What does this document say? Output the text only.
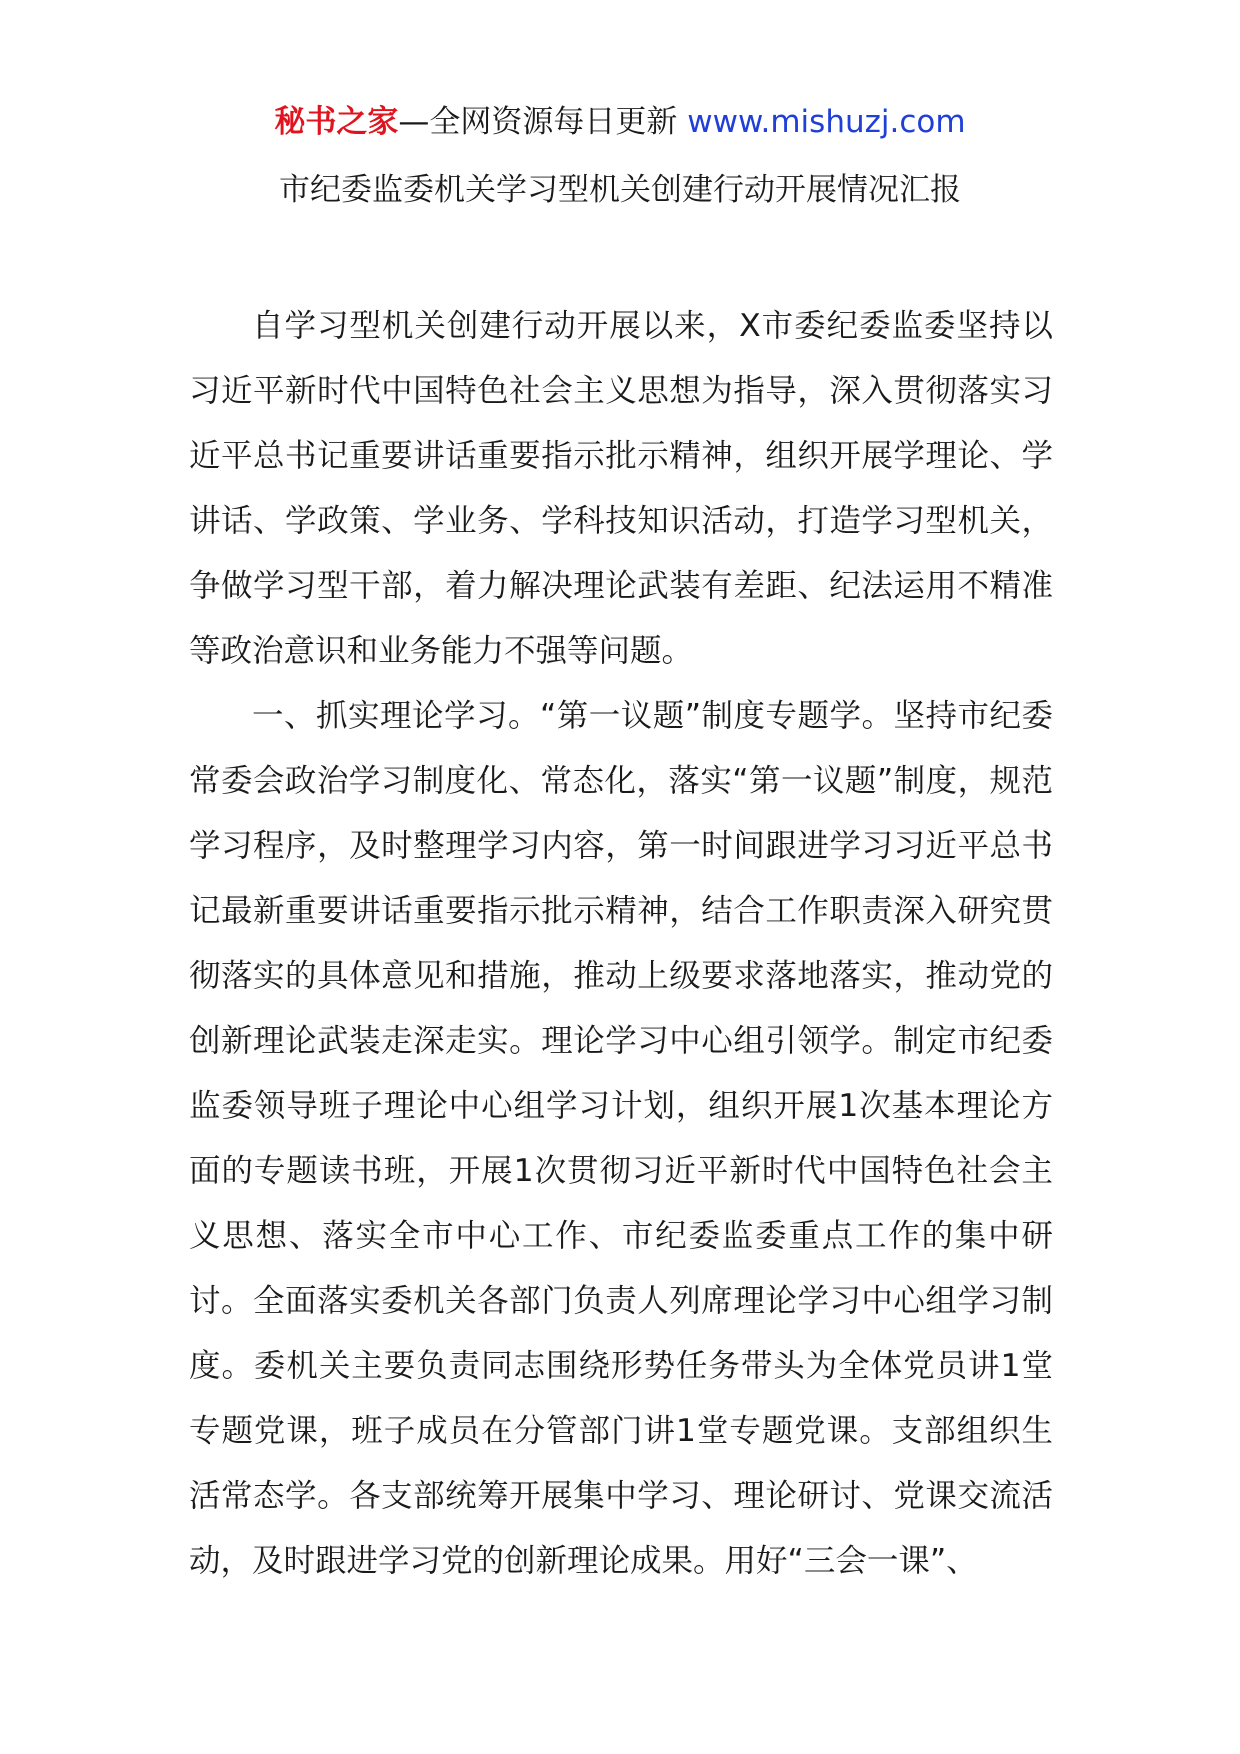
秘书之家—全网资源每日更新 www.mishuzj.com
市纪委监委机关学习型机关创建行动开展情况汇报

自学习型机关创建行动开展以来，X市委纪委监委坚持以习近平新时代中国特色社会主义思想为指导，深入贯彻落实习近平总书记重要讲话重要指示批示精神，组织开展学理论、学讲话、学政策、学业务、学科技知识活动，打造学习型机关，争做学习型干部，着力解决理论武装有差距、纪法运用不精准等政治意识和业务能力不强等问题。

一、抓实理论学习。“第一议题”制度专题学。坚持市纪委常委会政治学习制度化、常态化，落实“第一议题”制度，规范学习程序，及时整理学习内容，第一时间跟进学习习近平总书记最新重要讲话重要指示批示精神，结合工作职责深入研究贯彻落实的具体意见和措施，推动上级要求落地落实，推动党的创新理论武装走深走实。理论学习中心组引领学。制定市纪委监委领导班子理论中心组学习计划，组织开展1次基本理论方面的专题读书班，开展1次贯彻习近平新时代中国特色社会主义思想、落实全市中心工作、市纪委监委重点工作的集中研讨。全面落实委机关各部门负责人列席理论学习中心组学习制度。委机关主要负责同志围绕形势任务带头为全体党员讲1堂专题党课，班子成员在分管部门讲1堂专题党课。支部组织生活常态学。各支部统筹开展集中学习、理论研讨、党课交流活动，及时跟进学习党的创新理论成果。用好“三会一课”、
